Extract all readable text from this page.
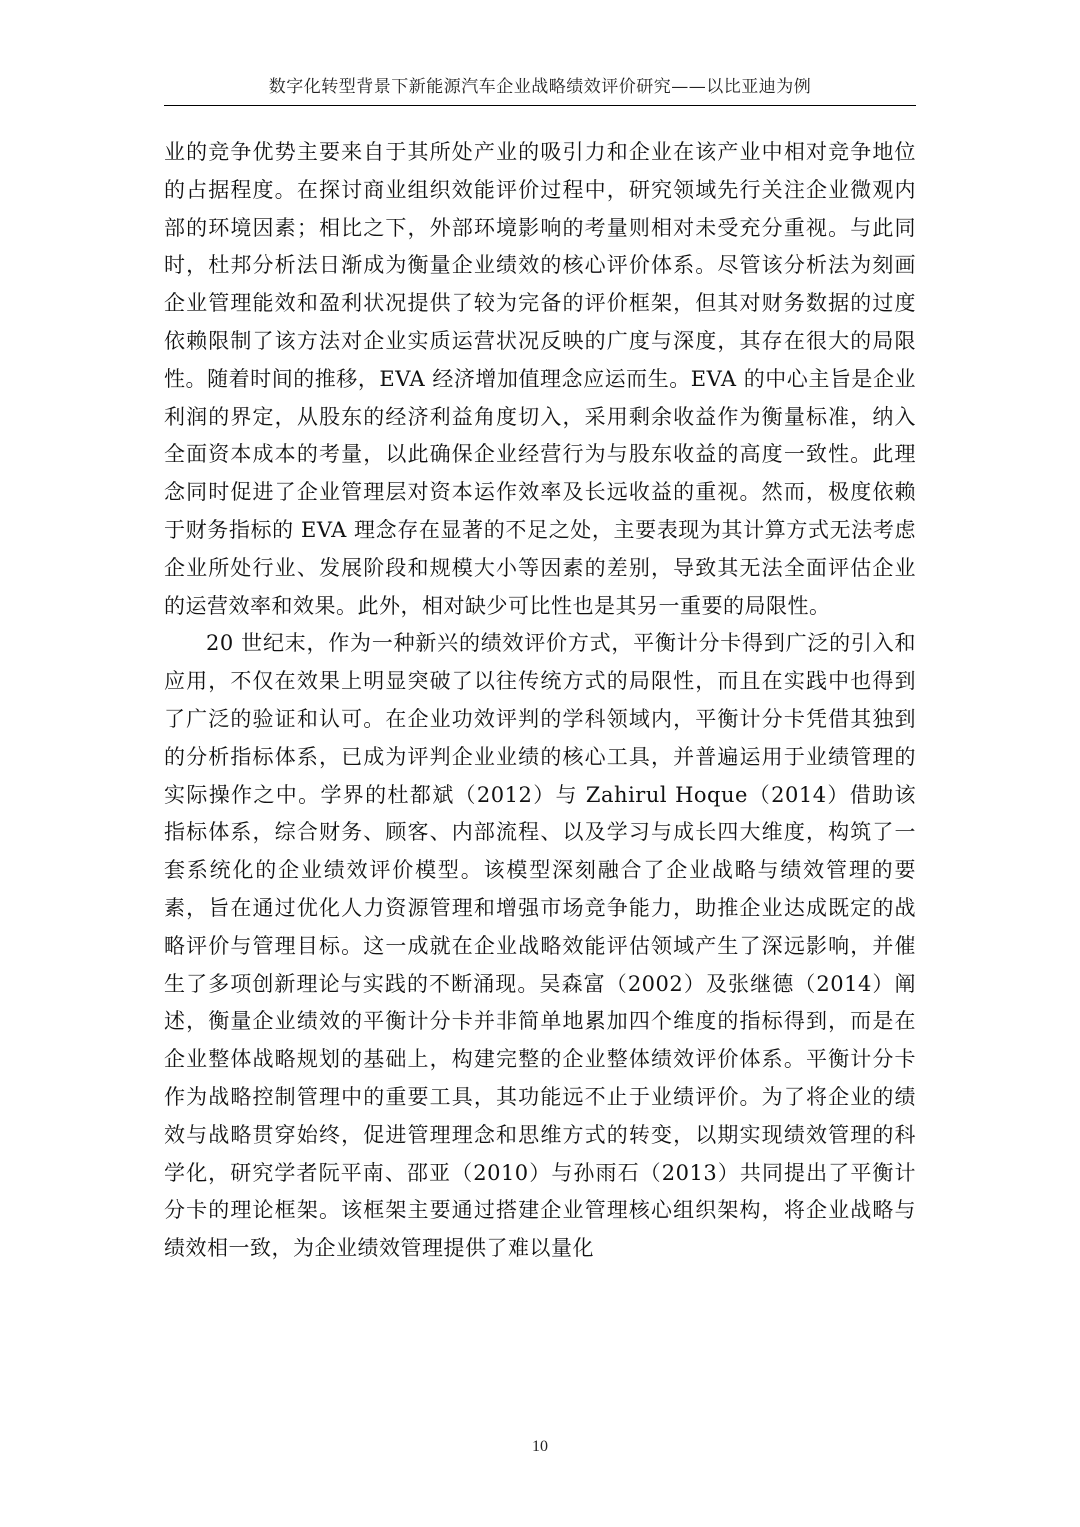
数字化转型背景下新能源汽车企业战略绩效评价研究——以比亚迪为例

业的竞争优势主要来自于其所处产业的吸引力和企业在该产业中相对竞争地位的占据程度。在探讨商业组织效能评价过程中，研究领域先行关注企业微观内部的环境因素；相比之下，外部环境影响的考量则相对未受充分重视。与此同时，杜邦分析法日渐成为衡量企业绩效的核心评价体系。尽管该分析法为刻画企业管理能效和盈利状况提供了较为完备的评价框架，但其对财务数据的过度依赖限制了该方法对企业实质运营状况反映的广度与深度，其存在很大的局限性。随着时间的推移，EVA 经济增加值理念应运而生。EVA 的中心主旨是企业利润的界定，从股东的经济利益角度切入，采用剩余收益作为衡量标准，纳入全面资本成本的考量，以此确保企业经营行为与股东收益的高度一致性。此理念同时促进了企业管理层对资本运作效率及长远收益的重视。然而，极度依赖于财务指标的 EVA 理念存在显著的不足之处，主要表现为其计算方式无法考虑企业所处行业、发展阶段和规模大小等因素的差别，导致其无法全面评估企业的运营效率和效果。此外，相对缺少可比性也是其另一重要的局限性。

20 世纪末，作为一种新兴的绩效评价方式，平衡计分卡得到广泛的引入和应用，不仅在效果上明显突破了以往传统方式的局限性，而且在实践中也得到了广泛的验证和认可。在企业功效评判的学科领域内，平衡计分卡凭借其独到的分析指标体系，已成为评判企业业绩的核心工具，并普遍运用于业绩管理的实际操作之中。学界的杜都斌（2012）与 Zahirul Hoque（2014）借助该指标体系，综合财务、顾客、内部流程、以及学习与成长四大维度，构筑了一套系统化的企业绩效评价模型。该模型深刻融合了企业战略与绩效管理的要素，旨在通过优化人力资源管理和增强市场竞争能力，助推企业达成既定的战略评价与管理目标。这一成就在企业战略效能评估领域产生了深远影响，并催生了多项创新理论与实践的不断涌现。吴森富（2002）及张继德（2014）阐述，衡量企业绩效的平衡计分卡并非简单地累加四个维度的指标得到，而是在企业整体战略规划的基础上，构建完整的企业整体绩效评价体系。平衡计分卡作为战略控制管理中的重要工具，其功能远不止于业绩评价。为了将企业的绩效与战略贯穿始终，促进管理理念和思维方式的转变，以期实现绩效管理的科学化，研究学者阮平南、邵亚（2010）与孙雨石（2013）共同提出了平衡计分卡的理论框架。该框架主要通过搭建企业管理核心组织架构，将企业战略与绩效相一致，为企业绩效管理提供了难以量化

10
